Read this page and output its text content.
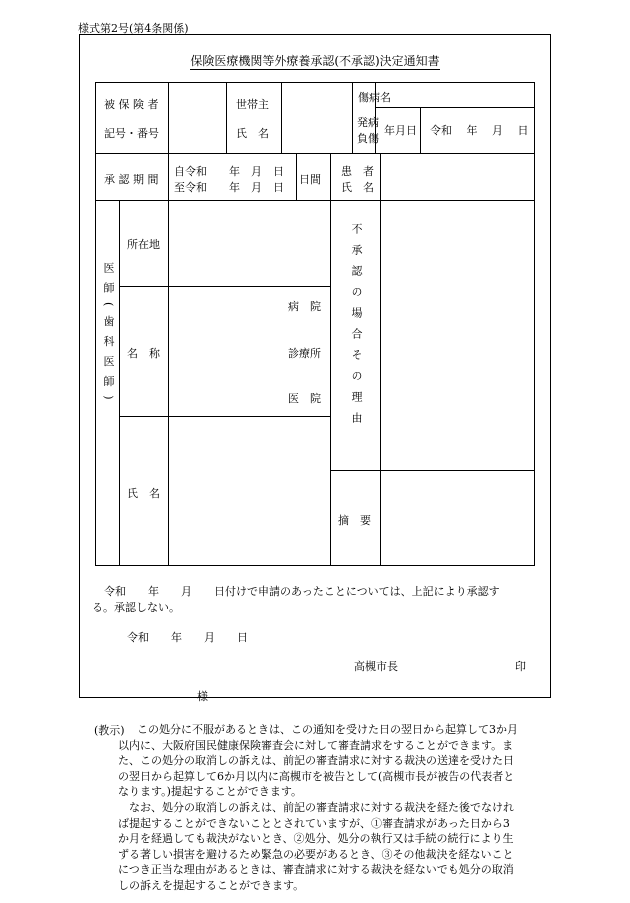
様式第2号(第4条関係)
保険医療機関等外療養承認(不承認)決定通知書
被 保 険 者
記号・番号
世帯主
氏　名
傷病名
発病
負傷
年月日 令和　 年　 月　 日
承 認 期 間
自令和　　年　月　日
至令和　　年　月　日
日間
患　者
氏　名
医師(歯科医師)
所在地
名　称
病　院
診療所
医　院
氏　名
不承認の場合その理由
摘　要
令和　　年　　月　　日付けで申請のあったことについては、上記により承認す
る。承認しない。
令和　　年　　月　　日
高槻市長	印
様
(教示) この処分に不服があるときは、この通知を受けた日の翌日から起算して3か月
以内に、大阪府国民健康保険審査会に対して審査請求をすることができます。ま
た、この処分の取消しの訴えは、前記の審査請求に対する裁決の送達を受けた日
の翌日から起算して6か月以内に高槻市を被告として(高槻市長が被告の代表者と
なります。)提起することができます。
なお、処分の取消しの訴えは、前記の審査請求に対する裁決を経た後でなけれ
ば提起することができないこととされていますが、①審査請求があった日から3
か月を経過しても裁決がないとき、②処分、処分の執行又は手続の続行により生
ずる著しい損害を避けるため緊急の必要があるとき、③その他裁決を経ないこと
につき正当な理由があるときは、審査請求に対する裁決を経ないでも処分の取消
しの訴えを提起することができます。
